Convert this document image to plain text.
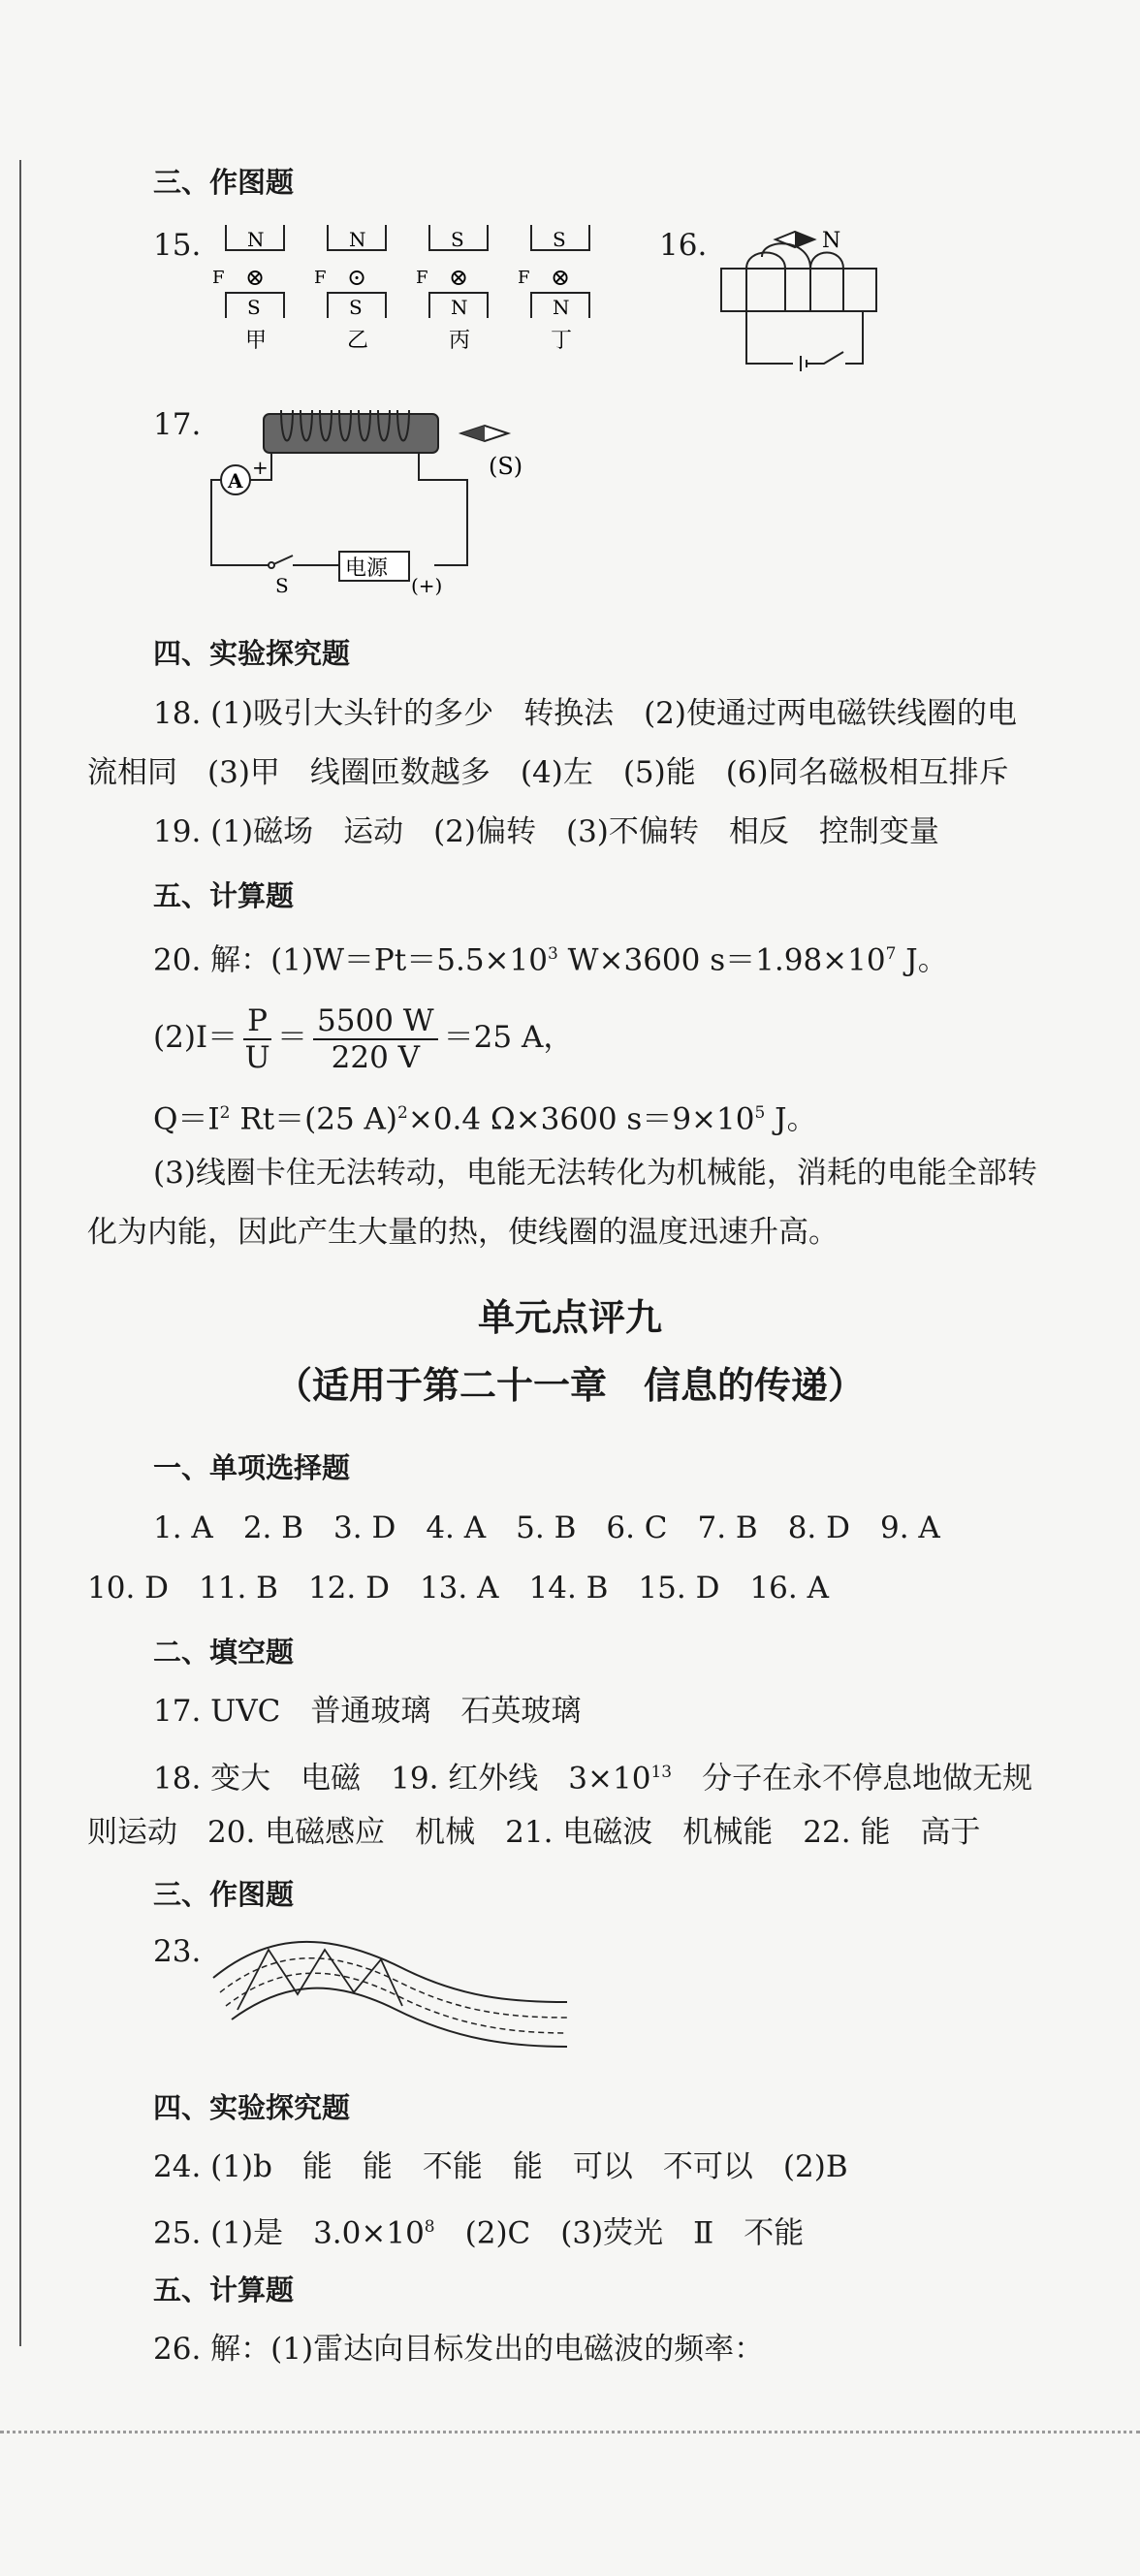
三、作图题
15. N
F ⊗
S
甲
N
F ⊙
S
乙
S
F ⊗
N
丙
S
F ⊗
N
丁
16.	N
17.
(S)
A
+
S
电源
(+)
四、实验探究题
18. (1)吸引大头针的多少　转换法　(2)使通过两电磁铁线圈的电
流相同　(3)甲　线圈匝数越多　(4)左　(5)能　(6)同名磁极相互排斥
19. (1)磁场　运动　(2)偏转　(3)不偏转　相反　控制变量
五、计算题
20. 解：$(1)W=Pt=5.5\times 10^3$ W×3600 $s=1.98\times 10^7$ J。
$(2)I= \frac{P}{U} = \frac{5500 W}{220 V} =25$ A，
$Q=I^2$ Rt＝(25 A)$^2$×0.4 Ω×3600 $s=9\times 10^5$ J。
(3)线圈卡住无法转动，电能无法转化为机械能，消耗的电能全部转
化为内能，因此产生大量的热，使线圈的温度迅速升高。
单元点评九
（适用于第二十一章　信息的传递）
一、单项选择题
1. A　2. B　3. D　4. A　5. B　6. C　7. B　8. D　9. A
10. D　11. B　12. D　13. A　14. B　15. D　16. A
二、填空题
17. UVC　普通玻璃　石英玻璃
18. 变大　电磁　19. 红外线　$3\times 10^{13}$　分子在永不停息地做无规
则运动　20. 电磁感应　机械　21. 电磁波　机械能　22. 能　高于
三、作图题
23.
四、实验探究题
24. (1)b　能　能　不能　能　可以　不可以　(2)B
25. (1)是　$3.0\times 10^8$　(2)C　(3)荧光　Ⅱ　不能
五、计算题
26. 解：(1)雷达向目标发出的电磁波的频率：
